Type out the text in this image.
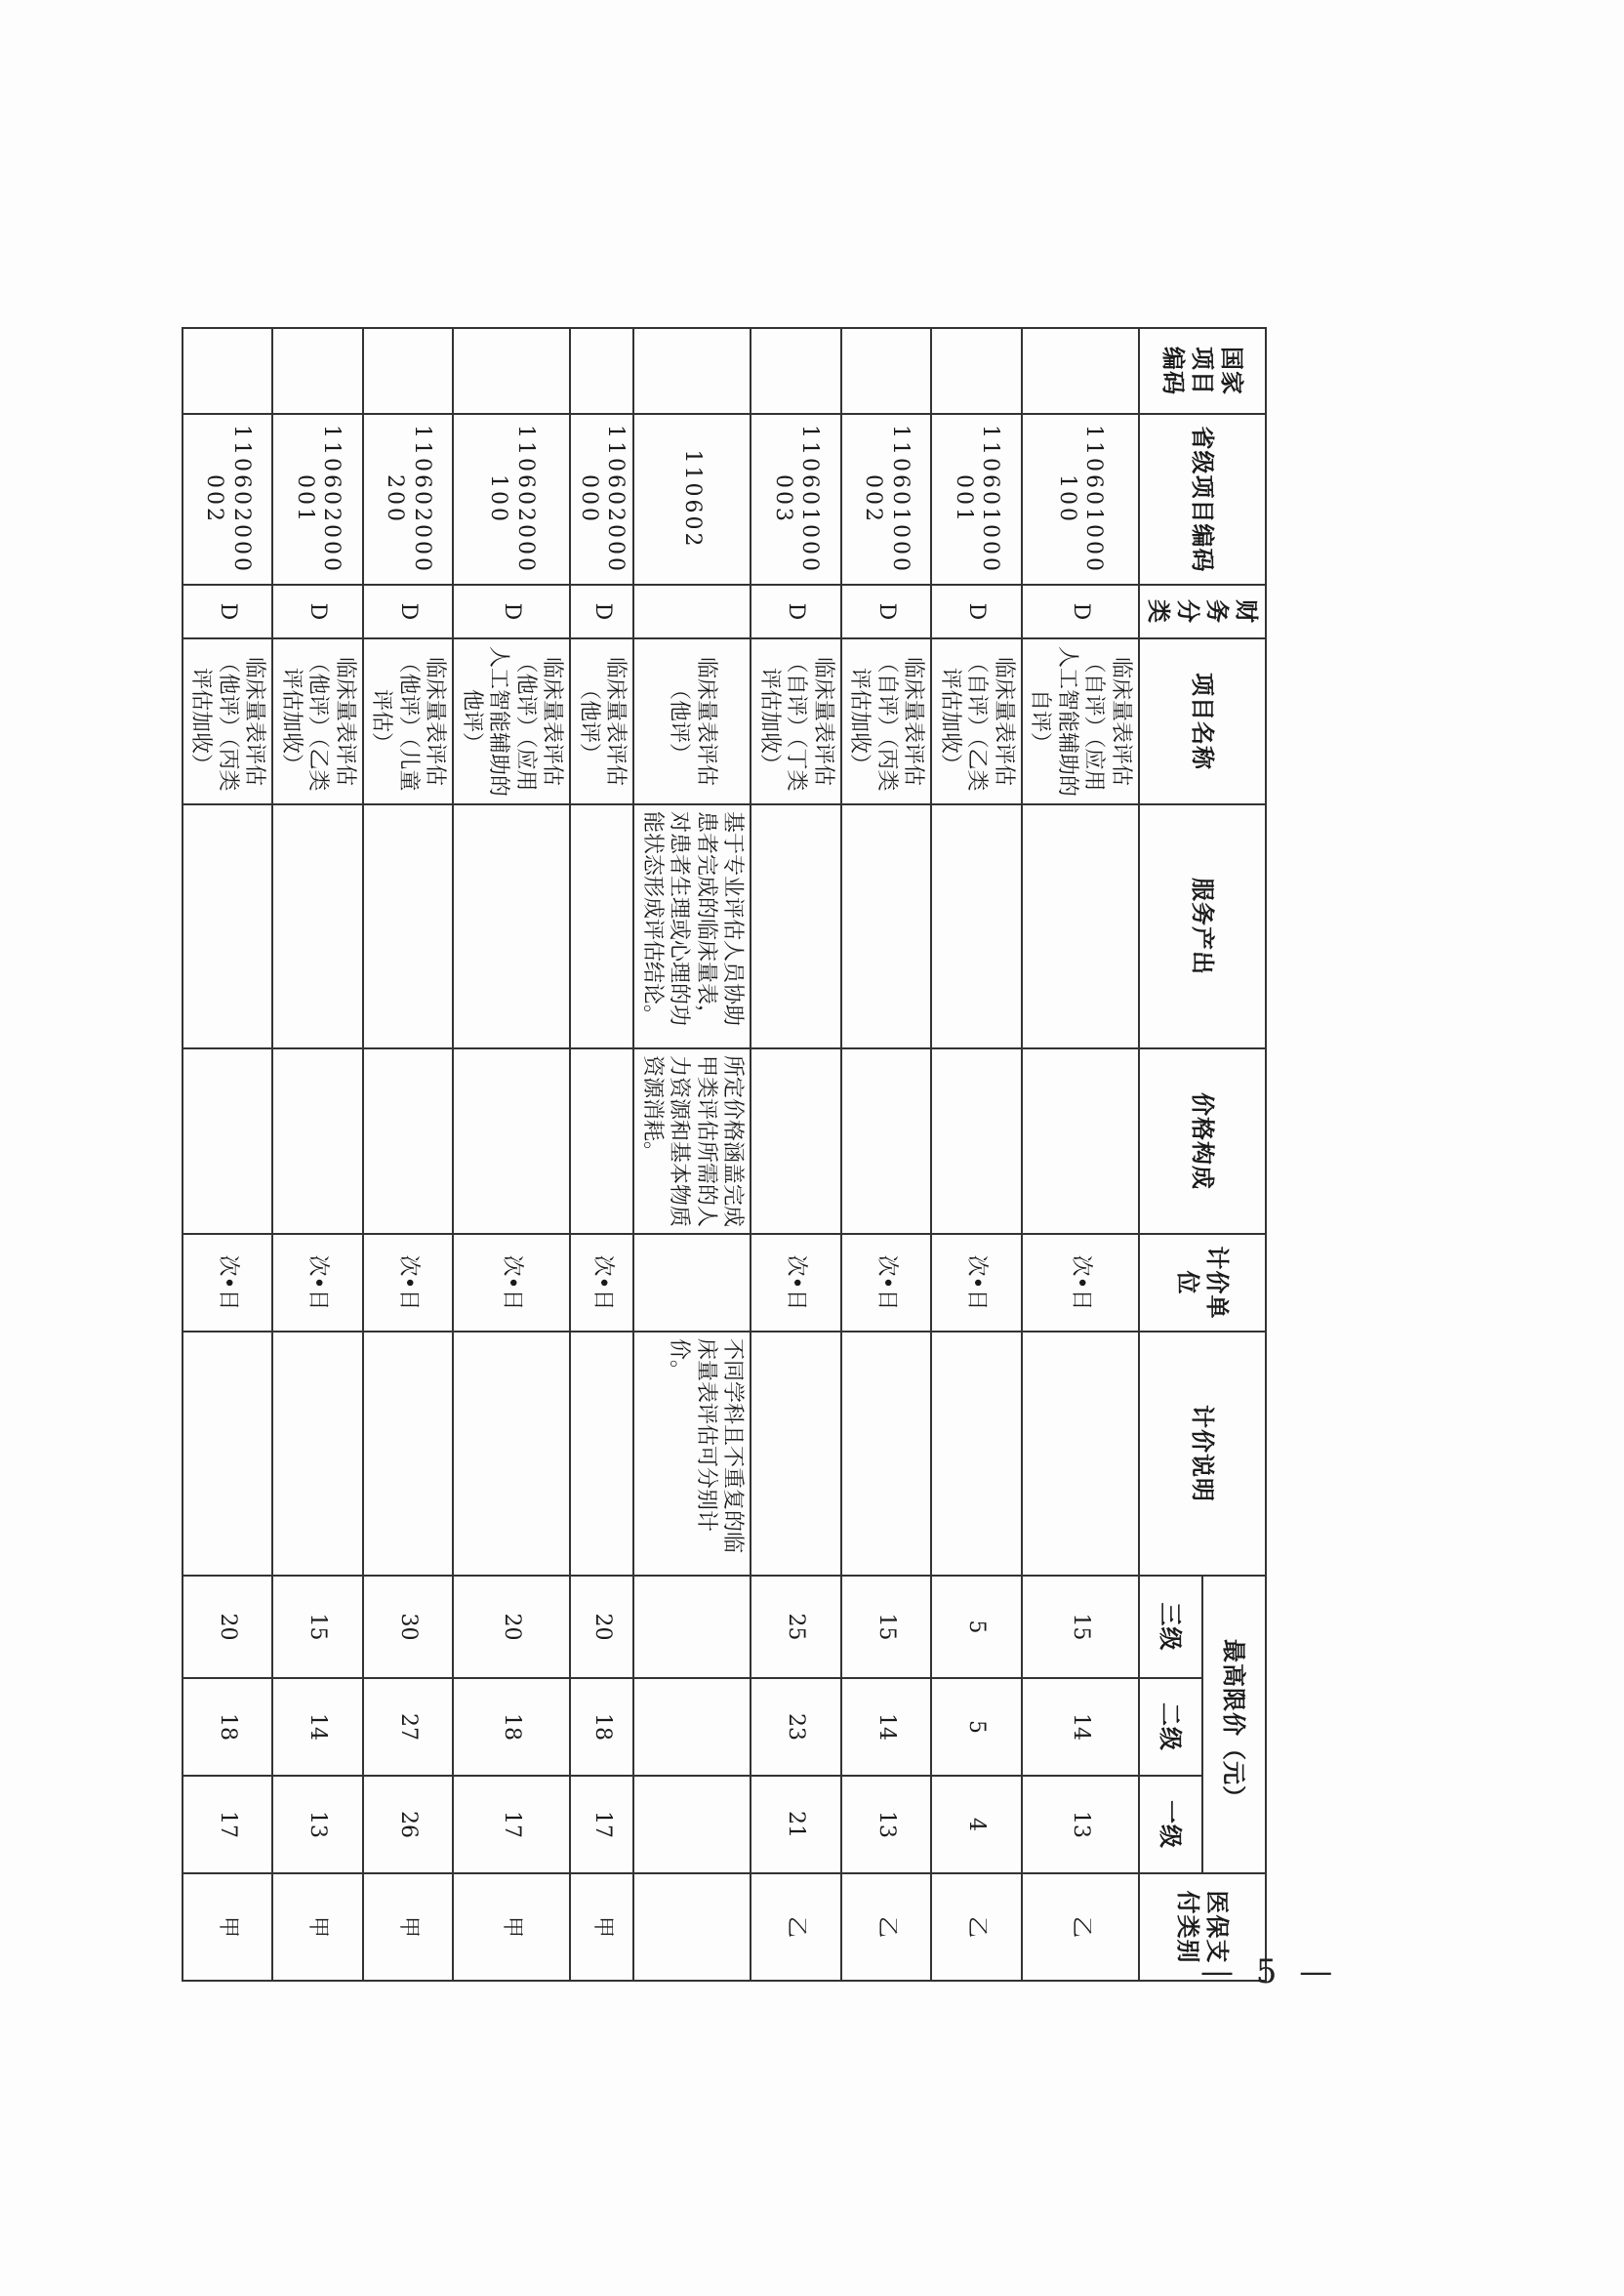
国家项目编码	省级项目编码	财务分类	项目名称	服务产出	价格构成	计价单位	计价说明	最高限价（元）			医保支付类别
								三级	二级	一级	
	110601000100	D	临床量表评估（自评）（应用人工智能辅助的自评）			次•日		15	14	13	乙
	110601000001	D	临床量表评估（自评）（乙类评估加收）			次•日		5	5	4	乙
	110601000002	D	临床量表评估（自评）（丙类评估加收）			次•日		15	14	13	乙
	110601000003	D	临床量表评估（自评）（丁类评估加收）			次•日		25	23	21	乙
	110602		临床量表评估（他评）	基于专业评估人员协助患者完成的临床量表，对患者生理或心理的功能状态形成评估结论。	所定价格涵盖完成甲类评估所需的人力资源和基本物质资源消耗。		不同学科且不重复的临床量表评估可分别计价。				
	110602000000	D	临床量表评估（他评）			次•日		20	18	17	甲
	110602000100	D	临床量表评估（他评）（应用人工智能辅助的他评）			次•日		20	18	17	甲
	110602000200	D	临床量表评估（他评）（儿童评估）			次•日		30	27	26	甲
	110602000001	D	临床量表评估（他评）（乙类评估加收）			次•日		15	14	13	甲
	110602000002	D	临床量表评估（他评）（丙类评估加收）			次•日		20	18	17	甲
— 5 —
